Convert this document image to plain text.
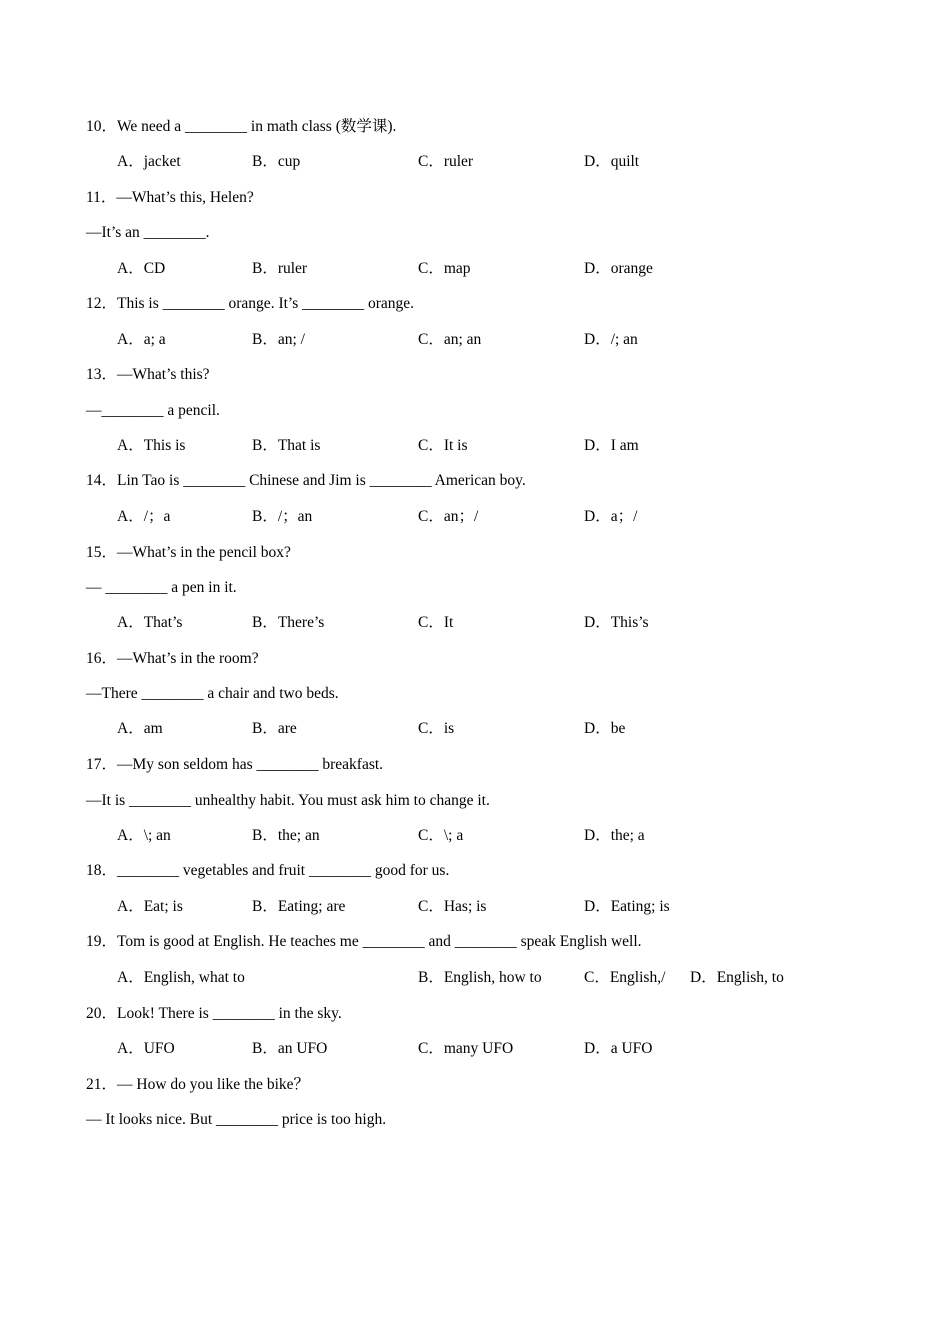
10．We need a ________ in math class (数学课).
A．jacket	B．cup	C．ruler	D．quilt
11．—What’s this, Helen?
—It’s an ________.
A．CD	B．ruler	C．map	D．orange
12．This is ________ orange. It’s ________ orange.
A．a; a	B．an; /	C．an; an	D．/; an
13．—What’s this?
—________ a pencil.
A．This is	B．That is	C．It is	D．I am
14．Lin Tao is ________ Chinese and Jim is ________ American boy.
A．/；a	B．/；an	C．an；/	D．a；/
15．—What’s in the pencil box?
— ________ a pen in it.
A．That’s	B．There’s	C．It	D．This’s
16．—What’s in the room?
—There ________ a chair and two beds.
A．am	B．are	C．is	D．be
17．—My son seldom has ________ breakfast.
—It is ________ unhealthy habit. You must ask him to change it.
A．\; an	B．the; an	C．\; a	D．the; a
18．________ vegetables and fruit ________ good for us.
A．Eat; is	B．Eating; are	C．Has; is	D．Eating; is
19．Tom is good at English. He teaches me ________ and ________ speak English well.
A．English, what to	B．English, how to	C．English,/ D．English, to
20．Look! There is ________ in the sky.
A．UFO	B．an UFO	C．many UFO	D．a UFO
21．— How do you like the bike？
— It looks nice. But ________ price is too high.
